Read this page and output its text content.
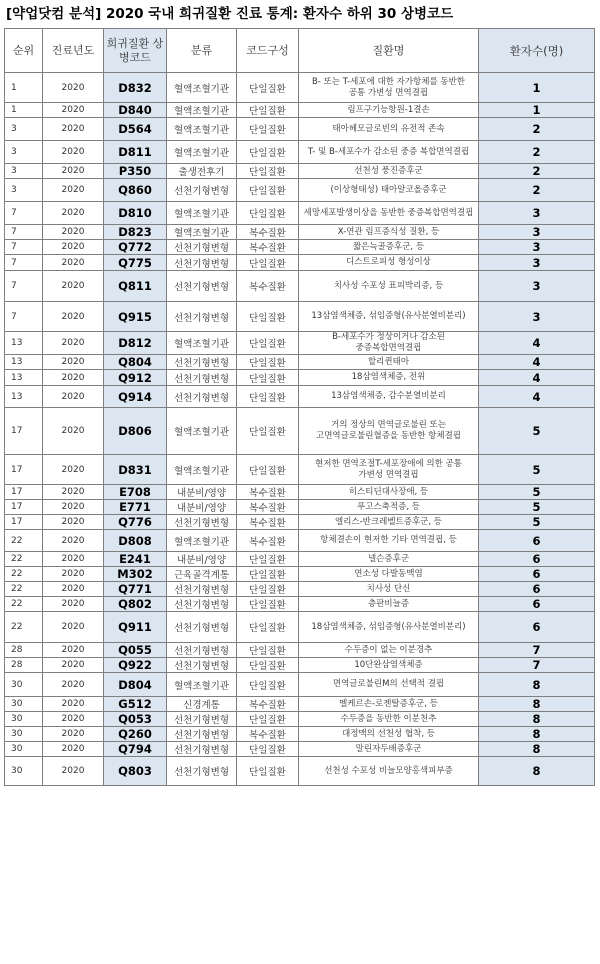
[약업닷컴 분석] 2020 국내 희귀질환 진료 통계: 환자수 하위 30 상병코드
순위	진료년도	희귀질환 상병코드	분류	코드구성	질환명	환자수(명)
1	2020	D832	혈액조혈기관	단일질환	B- 또는 T-세포에 대한 자가항체를 동반한 공통 가변성 면역결핍	1
1	2020	D840	혈액조혈기관	단일질환	림프구기능항원-1결손	1
3	2020	D564	혈액조혈기관	단일질환	태아헤모글로빈의 유전적 존속	2
3	2020	D811	혈액조혈기관	단일질환	T- 및 B-세포수가 감소된 중증 복합면역결핍	2
3	2020	P350	출생전후기	단일질환	선천성 풍진증후군	2
3	2020	Q860	선천기형변형	단일질환	(이상형태성) 태아알코올증후군	2
7	2020	D810	혈액조혈기관	단일질환	세망세포발생이상을 동반한 중증복합면역결핍	3
7	2020	D823	혈액조혈기관	복수질환	X-연관 림프증식성 질환, 등	3
7	2020	Q772	선천기형변형	복수질환	짧은늑골증후군, 등	3
7	2020	Q775	선천기형변형	단일질환	디스트로피성 형성이상	3
7	2020	Q811	선천기형변형	복수질환	치사성 수포성 표피박리증, 등	3
7	2020	Q915	선천기형변형	단일질환	13삼염색체증, 섞임증형(유사분열비분리)	3
13	2020	D812	혈액조혈기관	단일질환	B-세포수가 정상이거나 감소된 중증복합면역결핍	4
13	2020	Q804	선천기형변형	단일질환	할리퀸태아	4
13	2020	Q912	선천기형변형	단일질환	18삼염색체증, 전위	4
13	2020	Q914	선천기형변형	단일질환	13삼염색체증, 감수분열비분리	4
17	2020	D806	혈액조혈기관	단일질환	거의 정상의 면역글로불린 또는 고면역글로불린혈증을 동반한 항체결핍	5
17	2020	D831	혈액조혈기관	단일질환	현저한 면역조절T-세포장애에 의한 공통 가변성 면역결핍	5
17	2020	E708	내분비/영양	복수질환	히스티딘대사장애, 등	5
17	2020	E771	내분비/영양	복수질환	푸고스축적증, 등	5
17	2020	Q776	선천기형변형	복수질환	엘리스-반크레벨트증후군, 등	5
22	2020	D808	혈액조혈기관	복수질환	항체결손이 현저한 기타 면역결핍, 등	6
22	2020	E241	내분비/영양	단일질환	넬슨증후군	6
22	2020	M302	근육골격계통	단일질환	연소성 다발동맥염	6
22	2020	Q771	선천기형변형	단일질환	치사성 단신	6
22	2020	Q802	선천기형변형	단일질환	층판비늘증	6
22	2020	Q911	선천기형변형	단일질환	18삼염색체증, 섞임증형(유사분열비분리)	6
28	2020	Q055	선천기형변형	단일질환	수두증이 없는 이분경추	7
28	2020	Q922	선천기형변형	단일질환	10단완삼염색체증	7
30	2020	D804	혈액조혈기관	단일질환	면역글로불린M의 선택적 결핍	8
30	2020	G512	신경계통	복수질환	멜케르손-로젠탈증후군, 등	8
30	2020	Q053	선천기형변형	단일질환	수두증을 동반한 이분천추	8
30	2020	Q260	선천기형변형	복수질환	대정맥의 선천성 협착, 등	8
30	2020	Q794	선천기형변형	단일질환	말린자두배증후군	8
30	2020	Q803	선천기형변형	단일질환	선천성 수포성 비늘모양홍색피부증	8
